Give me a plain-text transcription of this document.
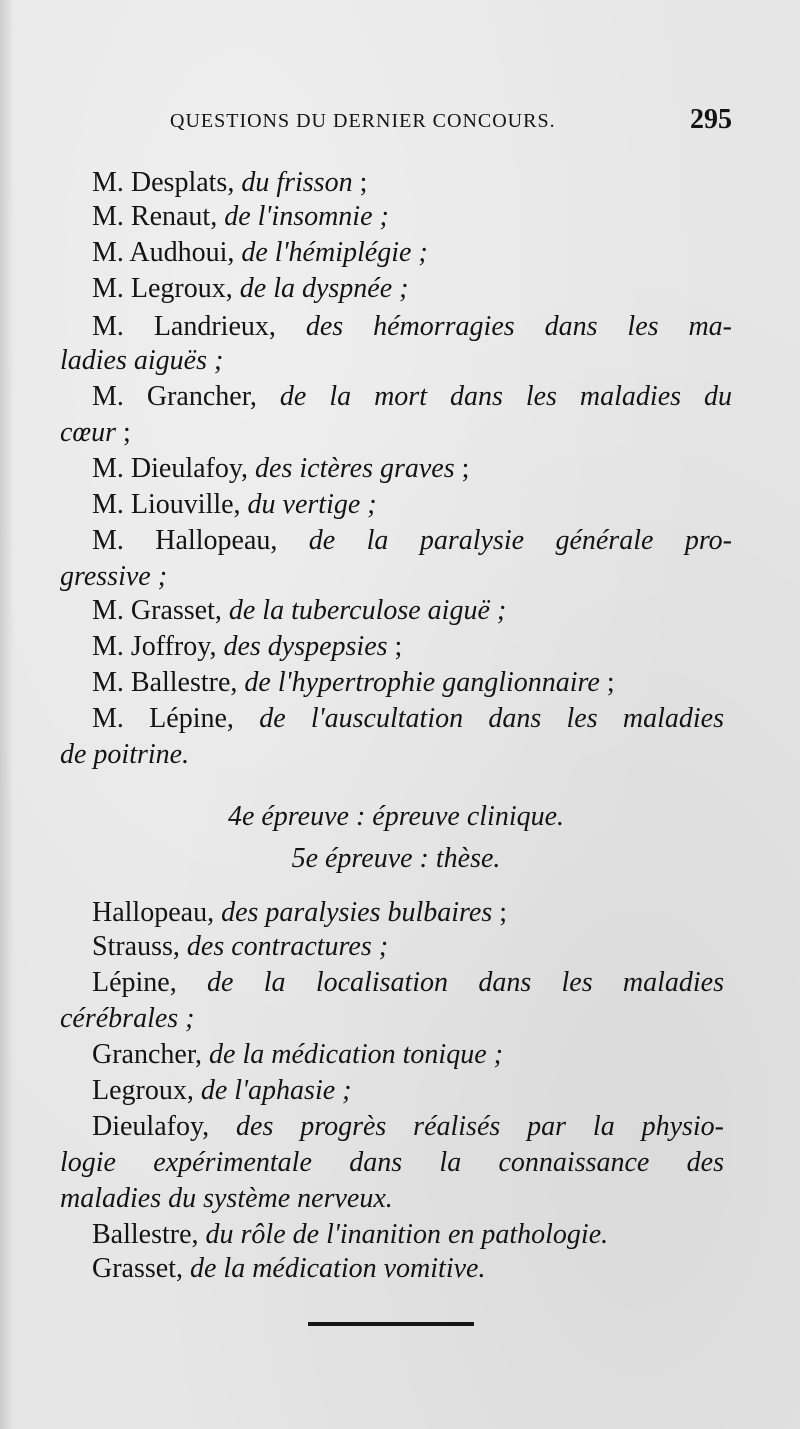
QUESTIONS DU DERNIER CONCOURS.	295
M. Desplats, du frisson ;
M. Renaut, de l'insomnie ;
M. Audhoui, de l'hémiplégie ;
M. Legroux, de la dyspnée ;
M. Landrieux, des hémorragies dans les ma-
ladies aiguës ;
M. Grancher, de la mort dans les maladies du
cœur ;
M. Dieulafoy, des ictères graves ;
M. Liouville, du vertige ;
M. Hallopeau, de la paralysie générale pro-
gressive ;
M. Grasset, de la tuberculose aiguë ;
M. Joffroy, des dyspepsies ;
M. Ballestre, de l'hypertrophie ganglionnaire ;
M. Lépine, de l'auscultation dans les maladies
de poitrine.
4e épreuve : épreuve clinique.
5e épreuve : thèse.
Hallopeau, des paralysies bulbaires ;
Strauss, des contractures ;
Lépine, de la localisation dans les maladies
cérébrales ;
Grancher, de la médication tonique ;
Legroux, de l'aphasie ;
Dieulafoy, des progrès réalisés par la physio-
logie expérimentale dans la connaissance des
maladies du système nerveux.
Ballestre, du rôle de l'inanition en pathologie.
Grasset, de la médication vomitive.
